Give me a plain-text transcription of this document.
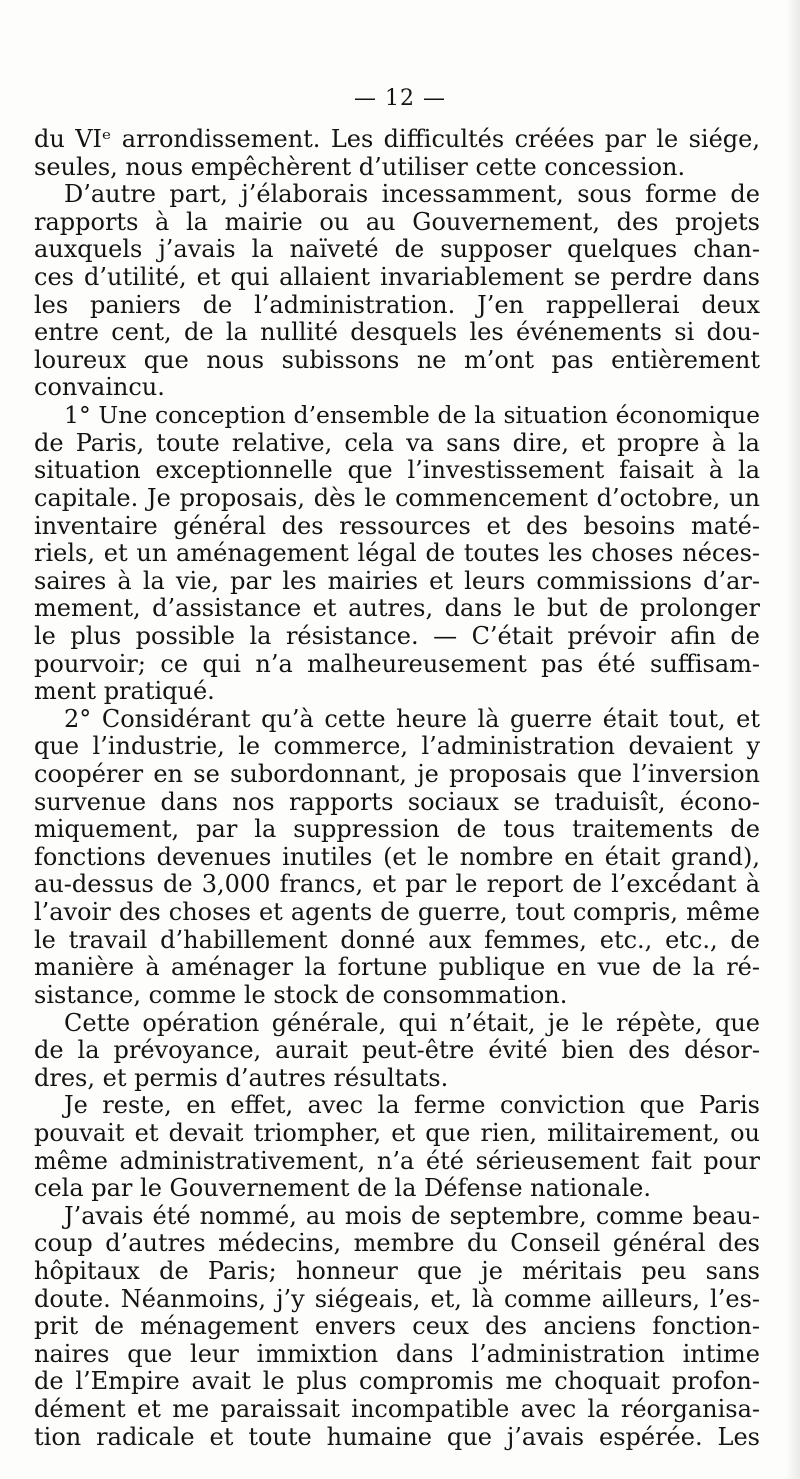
— 12 —
du VIᵉ arrondissement. Les difficultés créées par le siége,
seules, nous empêchèrent d’utiliser cette concession.
D’autre part, j’élaborais incessamment, sous forme de
rapports à la mairie ou au Gouvernement, des projets
auxquels j’avais la naïveté de supposer quelques chan-
ces d’utilité, et qui allaient invariablement se perdre dans
les paniers de l’administration. J’en rappellerai deux
entre cent, de la nullité desquels les événements si dou-
loureux que nous subissons ne m’ont pas entièrement
convaincu.
1° Une conception d’ensemble de la situation économique
de Paris, toute relative, cela va sans dire, et propre à la
situation exceptionnelle que l’investissement faisait à la
capitale. Je proposais, dès le commencement d’octobre, un
inventaire général des ressources et des besoins maté-
riels, et un aménagement légal de toutes les choses néces-
saires à la vie, par les mairies et leurs commissions d’ar-
mement, d’assistance et autres, dans le but de prolonger
le plus possible la résistance. — C’était prévoir afin de
pourvoir; ce qui n’a malheureusement pas été suffisam-
ment pratiqué.
2° Considérant qu’à cette heure là guerre était tout, et
que l’industrie, le commerce, l’administration devaient y
coopérer en se subordonnant, je proposais que l’inversion
survenue dans nos rapports sociaux se traduisît, écono-
miquement, par la suppression de tous traitements de
fonctions devenues inutiles (et le nombre en était grand),
au-dessus de 3,000 francs, et par le report de l’excédant à
l’avoir des choses et agents de guerre, tout compris, même
le travail d’habillement donné aux femmes, etc., etc., de
manière à aménager la fortune publique en vue de la ré-
sistance, comme le stock de consommation.
Cette opération générale, qui n’était, je le répète, que
de la prévoyance, aurait peut-être évité bien des désor-
dres, et permis d’autres résultats.
Je reste, en effet, avec la ferme conviction que Paris
pouvait et devait triompher, et que rien, militairement, ou
même administrativement, n’a été sérieusement fait pour
cela par le Gouvernement de la Défense nationale.
J’avais été nommé, au mois de septembre, comme beau-
coup d’autres médecins, membre du Conseil général des
hôpitaux de Paris; honneur que je méritais peu sans
doute. Néanmoins, j’y siégeais, et, là comme ailleurs, l’es-
prit de ménagement envers ceux des anciens fonction-
naires que leur immixtion dans l’administration intime
de l’Empire avait le plus compromis me choquait profon-
dément et me paraissait incompatible avec la réorganisa-
tion radicale et toute humaine que j’avais espérée. Les
